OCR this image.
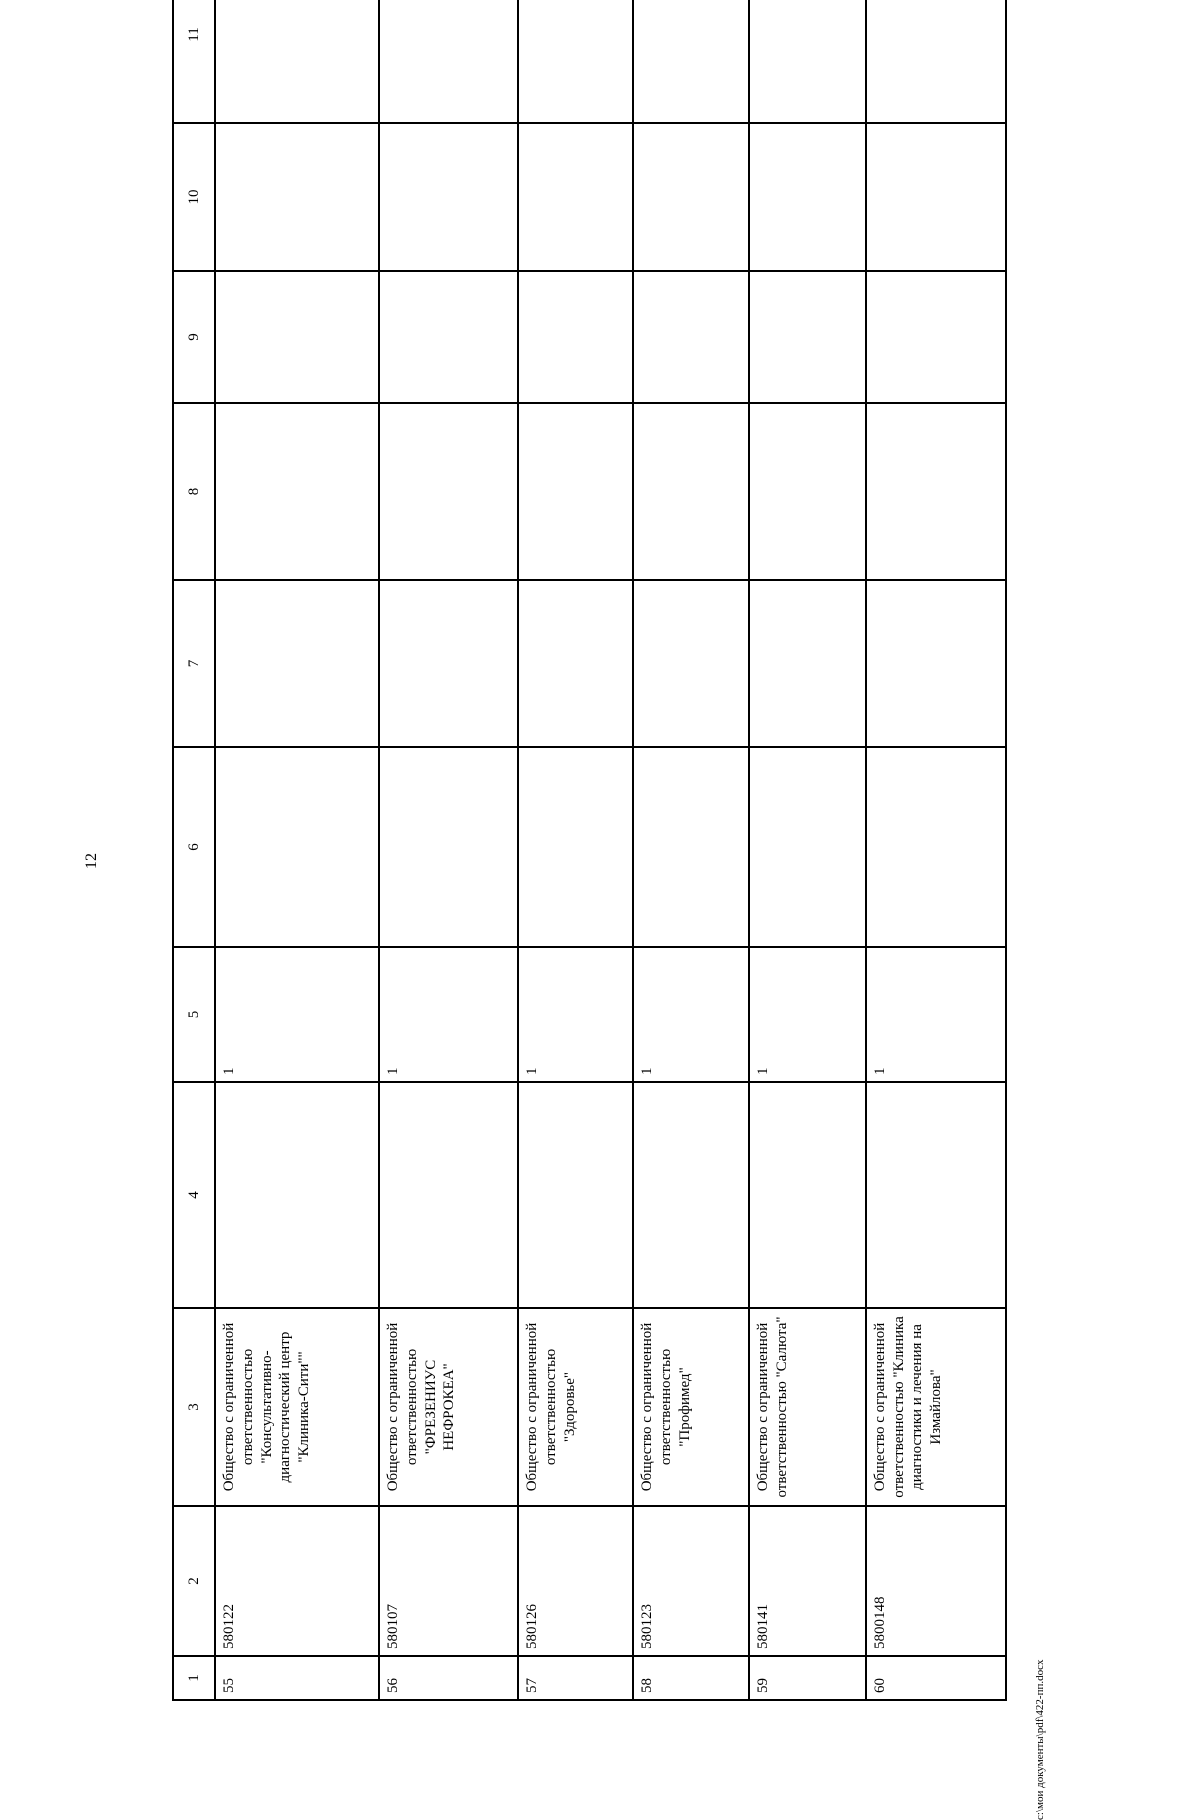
12
1	2	3	4	5	6	7	8	9	10	11		
55	580122	Общество с ограниченной ответственностью "Консультативно-диагностический центр "Клиника-Сити""		1								
56	580107	Общество с ограниченной ответственностью "ФРЕЗЕНИУС НЕФРОКЕА"		1								
57	580126	Общество с ограниченной ответственностью "Здоровье"		1								
58	580123	Общество с ограниченной ответственностью "Профимед"		1								
59	580141	Общество с ограниченной ответственностью "Салюта"		1								
60	5800148	Общество с ограниченной ответственностью "Клиника диагностики и лечения на Измайлова"		1								
c:\мои документы\pdf\422-пп.docx
